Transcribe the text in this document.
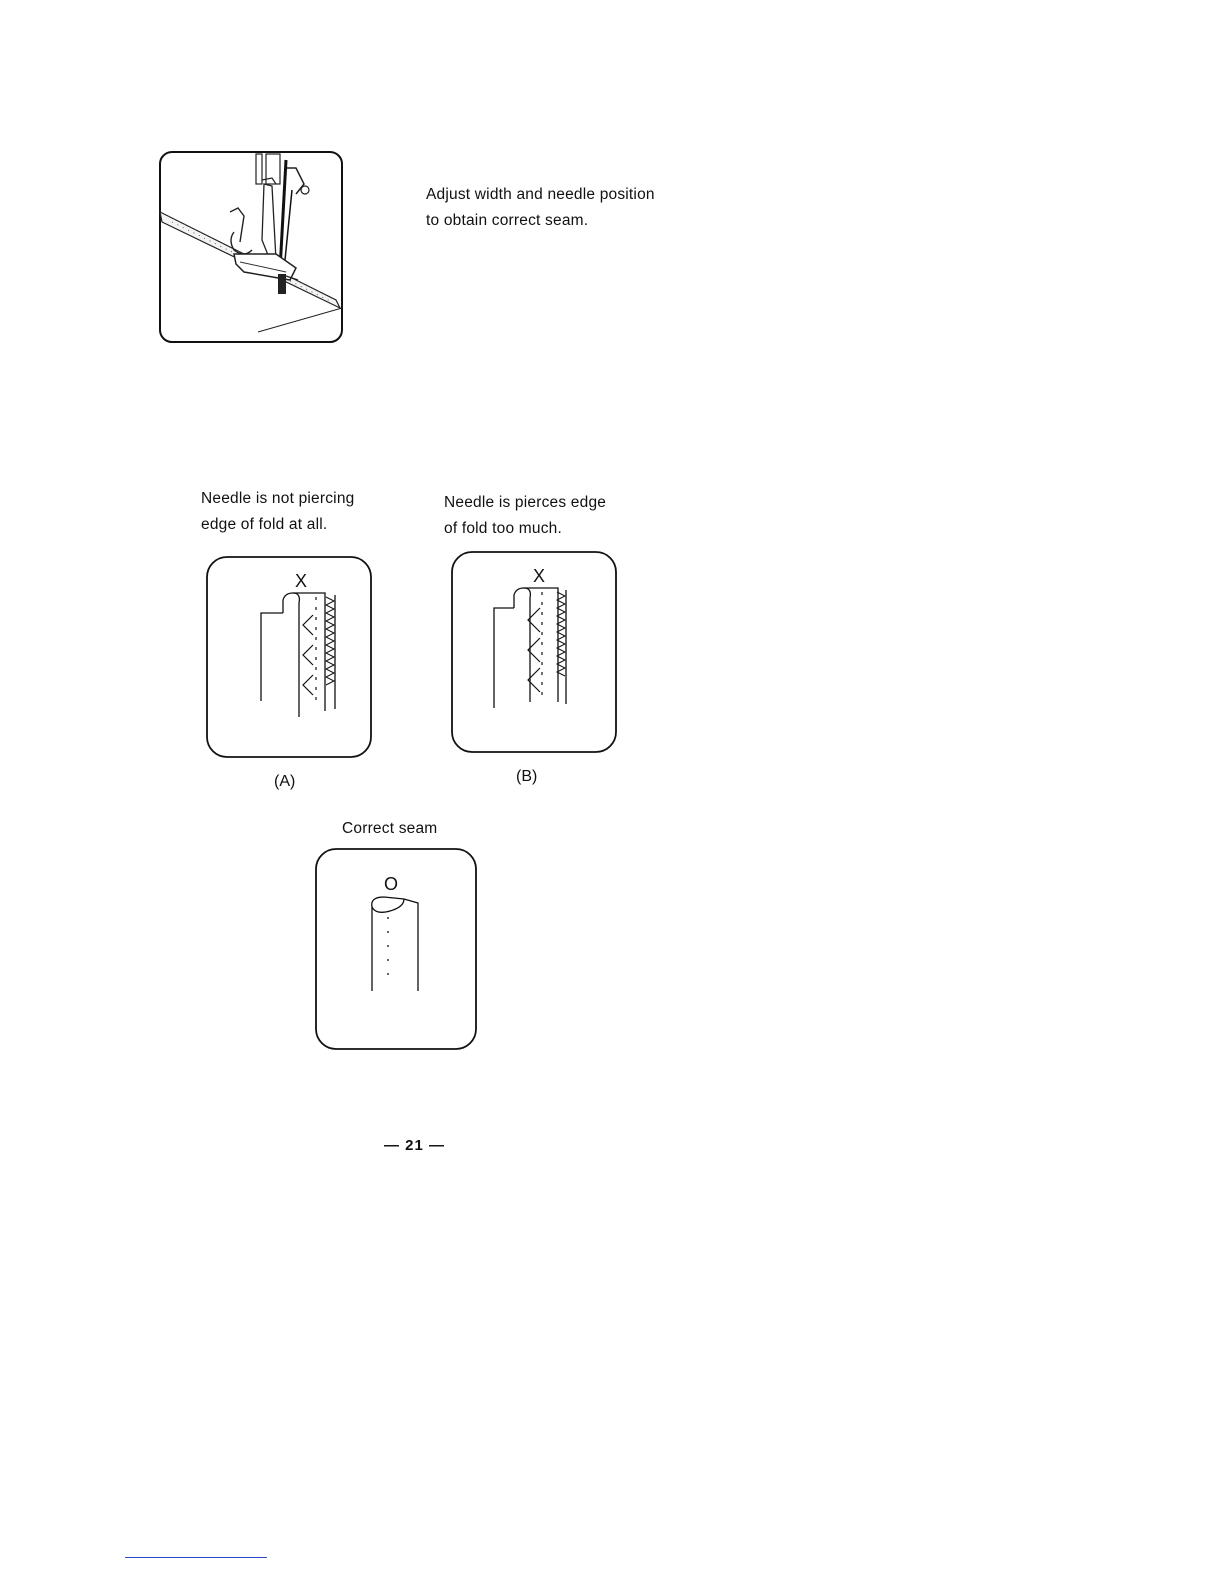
Adjust width and needle position
to obtain correct seam.
Needle is not piercing
edge of fold at all.
X
(A)
Needle is pierces edge
of fold too much.
X
(B)
Correct seam
O
— 21 —
